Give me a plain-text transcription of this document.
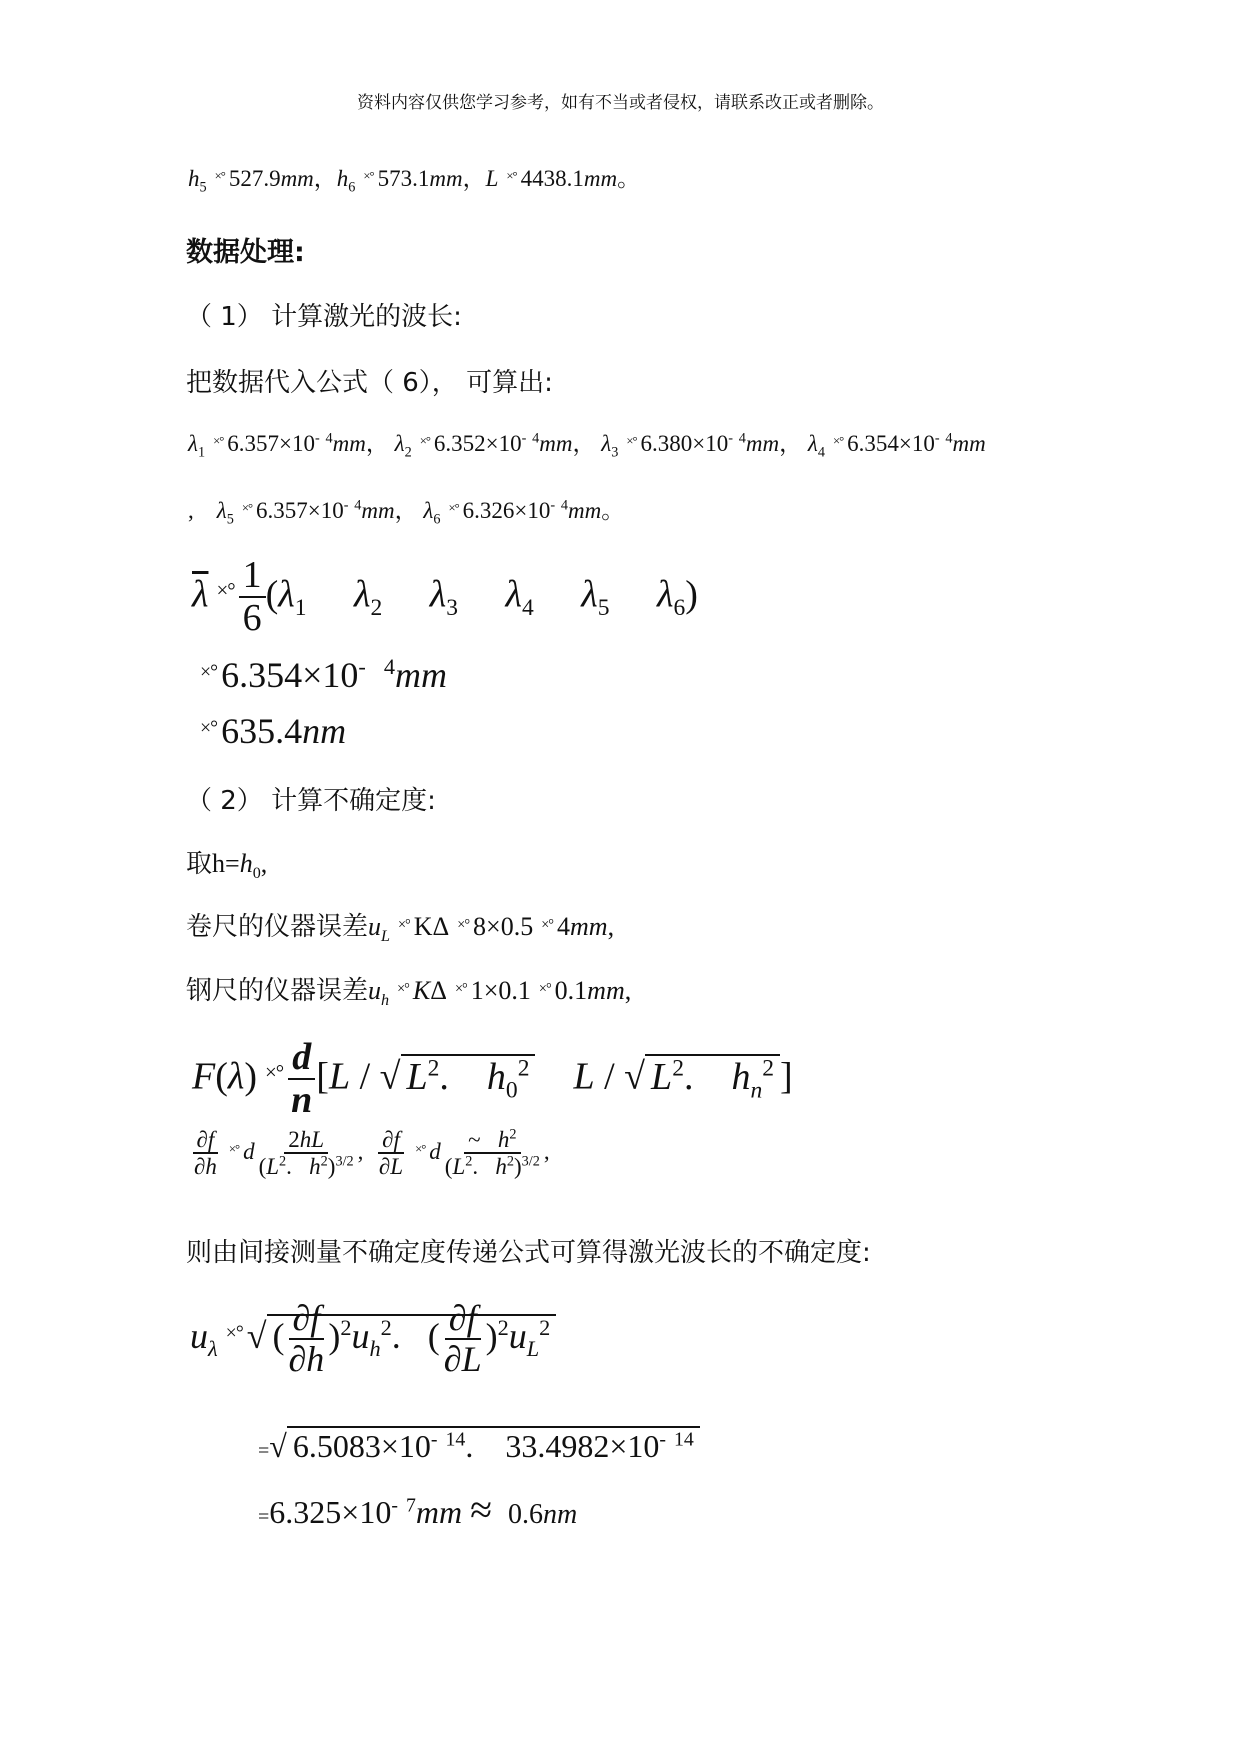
资料内容仅供您学习参考，如有不当或者侵权，请联系改正或者删除。
$h_5^{\times^\circ}$ 527.9mm，$h_6^{\times^\circ}$ 573.1mm，L ×° 4438.1mm。
数据处理:
（ 1） 计算激光的波长:
把数据代入公式（ 6）， 可算出:
$\lambda_1^{\times^\circ}$ 6.357×10- $^4$mm， $\lambda_2^{\times^\circ}$ 6.352×10- $^4$mm， $\lambda_3^{\times^\circ}$ 6.380×10- $^4$mm， $\lambda_4^{\times^\circ}$ 6.354×10- $^4$mm
,    $\lambda_5^{\times^\circ}$ 6.357×10- $^4$mm， $\lambda_6^{\times^\circ}$ 6.326×10- $^4$mm。
$\overline{\lambda}$ $^{\times^\circ} \frac{1}{6} (\lambda_1$ $\lambda_2$ $\lambda_3$ $\lambda_4$ $\lambda_5$ $\lambda_6$)
×° 6.354×10- $^4$mm
×° 635.4nm
（ 2） 计算不确定度:
取$h=h_0$,
卷尺的仪器误差$u_L^{\times^\circ}$ KΔ ×° 8×0.5 ×° 4mm,
钢尺的仪器误差$u_h^{\times^\circ}$ KΔ ×° 1×0.1 ×° 0.1mm,
F(λ) $^{\times^\circ} \frac{d}{n} [L$ / √ $L^2$.    $h_0^2$ L / √ $L^2$.    $h_n^2$ ]
$\frac{\partial f}{\partial h} ^{\times^\circ}$ d $\frac{2hL}{(L^2. h^2)^{3/2}}$ , $\frac{\partial f}{\partial L} ^{\times^\circ}$ d $\frac{\sim h^2}{(L^2. h^2)^{3/2}}$ ,
则由间接测量不确定度传递公式可算得激光波长的不确定度:
$u_\lambda^{\times^\circ}$ √ ( $\frac{\partial f}{\partial h} )^2u_h^2$.   ( $\frac{\partial f}{\partial L} )^2u_L^2$
=√ 6.5083×10- $^{14}$.    33.4982×10- $^{14}$
=6.325×10- $^7$mm ≈ 0.6nm
